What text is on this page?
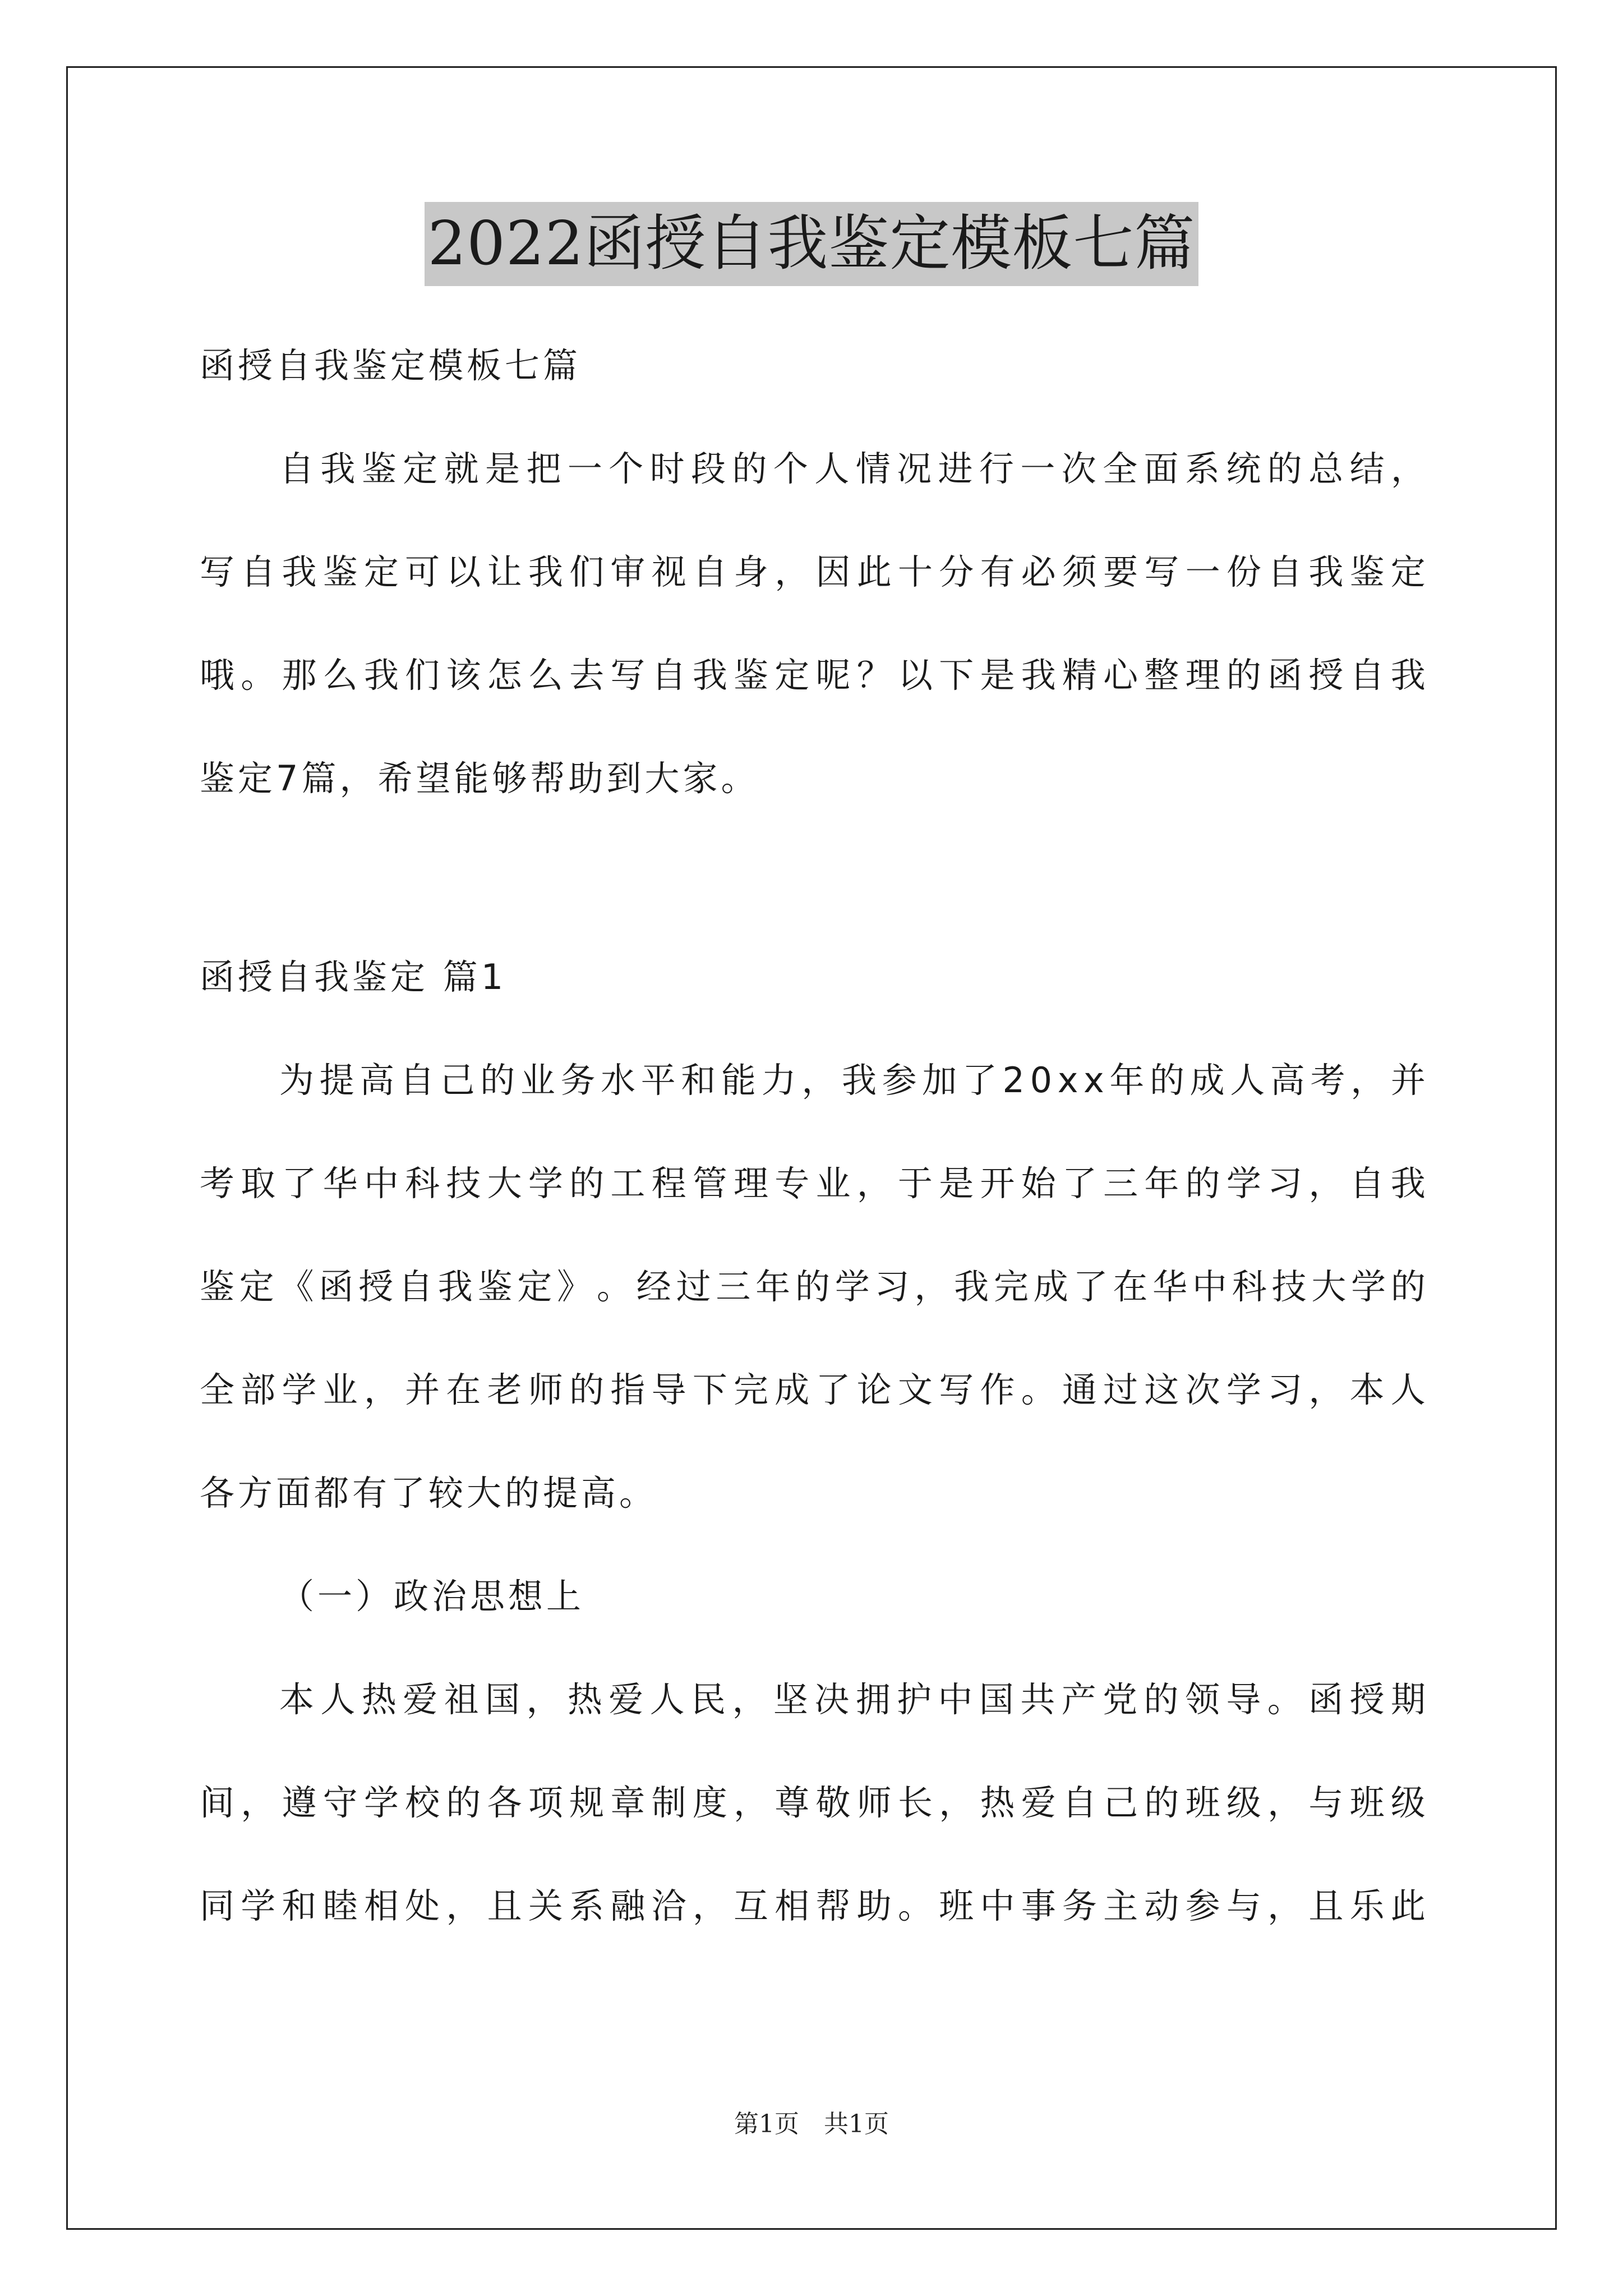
2022函授自我鉴定模板七篇
函授自我鉴定模板七篇
自 我 鉴 定 就 是 把 一 个 时 段 的 个 人 情 况 进 行 一 次 全 面 系 统 的 总 结 ，
写 自 我 鉴 定 可 以 让 我 们 审 视 自 身 ， 因 此 十 分 有 必 须 要 写 一 份 自 我 鉴 定
哦 。 那 么 我 们 该 怎 么 去 写 自 我 鉴 定 呢 ？ 以 下 是 我 精 心 整 理 的 函 授 自 我
鉴定7篇，希望能够帮助到大家。
函授自我鉴定 篇1
为 提 高 自 己 的 业 务 水 平 和 能 力 ， 我 参 加 了 2 0 x x 年 的 成 人 高 考 ， 并
考 取 了 华 中 科 技 大 学 的 工 程 管 理 专 业 ， 于 是 开 始 了 三 年 的 学 习 ， 自 我
鉴 定 《 函 授 自 我 鉴 定 》 。 经 过 三 年 的 学 习 ， 我 完 成 了 在 华 中 科 技 大 学 的
全 部 学 业 ， 并 在 老 师 的 指 导 下 完 成 了 论 文 写 作 。 通 过 这 次 学 习 ， 本 人
各方面都有了较大的提高。
（一）政治思想上
本 人 热 爱 祖 国 ， 热 爱 人 民 ， 坚 决 拥 护 中 国 共 产 党 的 领 导 。 函 授 期
间 ， 遵 守 学 校 的 各 项 规 章 制 度 ， 尊 敬 师 长 ， 热 爱 自 己 的 班 级 ， 与 班 级
同 学 和 睦 相 处 ， 且 关 系 融 洽 ， 互 相 帮 助 。 班 中 事 务 主 动 参 与 ， 且 乐 此
第1页　共1页
